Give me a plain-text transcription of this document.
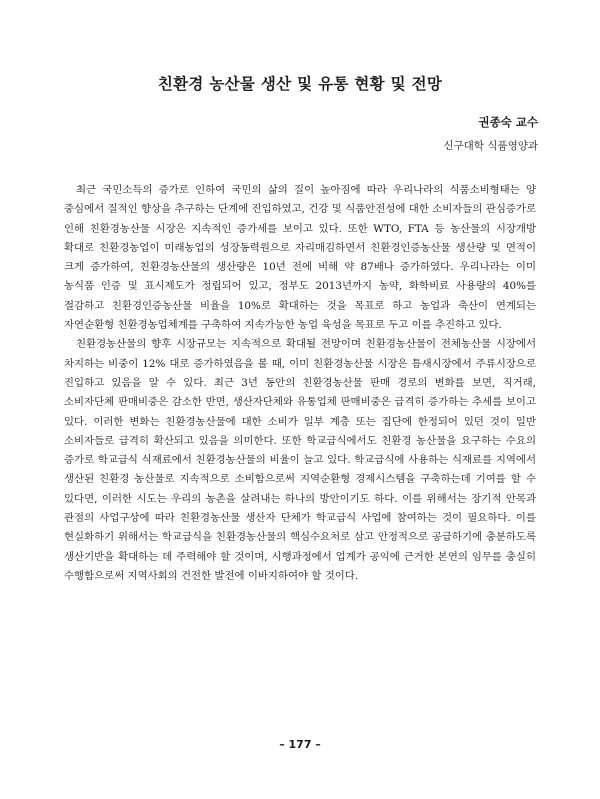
친환경 농산물 생산 및 유통 현황 및 전망
권종숙 교수
신구대학 식품영양과

최근 국민소득의 증가로 인하여 국민의 삶의 질이 높아짐에 따라 우리나라의 식품소비형태는 양 중심에서 질적인 향상을 추구하는 단계에 진입하였고, 건강 및 식품안전성에 대한 소비자들의 관심증가로 인해 친환경농산물 시장은 지속적인 증가세를 보이고 있다. 또한 WTO, FTA 등 농산물의 시장개방 확대로 친환경농업이 미래농업의 성장동력원으로 자리매김하면서 친환경인증농산물 생산량 및 면적이 크게 증가하여, 친환경농산물의 생산량은 10년 전에 비해 약 87배나 증가하였다. 우리나라는 이미 농식품 인증 및 표시제도가 정립되어 있고, 정부도 2013년까지 농약, 화학비료 사용량의 40%를 절감하고 친환경인증농산물 비율을 10%로 확대하는 것을 목표로 하고 농업과 축산이 연계되는 자연순환형 친환경농업체계를 구축하여 지속가능한 농업 육성을 목표로 두고 이를 추진하고 있다.

친환경농산물의 향후 시장규모는 지속적으로 확대될 전망이며 친환경농산물이 전체농산물 시장에서 차지하는 비중이 12% 대로 증가하였음을 볼 때, 이미 친환경농산물 시장은 틈새시장에서 주류시장으로 진입하고 있음을 알 수 있다. 최근 3년 동안의 친환경농산물 판매 경로의 변화를 보면, 직거래, 소비자단체 판매비중은 감소한 반면, 생산자단체와 유통업체 판매비중은 급격히 증가하는 추세를 보이고 있다. 이러한 변화는 친환경농산물에 대한 소비가 일부 계층 또는 집단에 한정되어 있던 것이 일반 소비자들로 급격히 확산되고 있음을 의미한다. 또한 학교급식에서도 친환경 농산물을 요구하는 수요의 증가로 학교급식 식재료에서 친환경농산물의 비율이 늘고 있다. 학교급식에 사용하는 식재료를 지역에서 생산된 친환경 농산물로 지속적으로 소비함으로써 지역순환형 경제시스템을 구축하는데 기여를 할 수 있다면, 이러한 시도는 우리의 농촌을 살려내는 하나의 방안이기도 하다. 이를 위해서는 장기적 안목과 관점의 사업구상에 따라 친환경농산물 생산자 단체가 학교급식 사업에 참여하는 것이 필요하다. 이를 현실화하기 위해서는 학교급식을 친환경농산물의 핵심수요처로 삼고 안정적으로 공급하기에 충분하도록 생산기반을 확대하는 데 주력해야 할 것이며, 시행과정에서 업계가 공익에 근거한 본연의 임무를 충실히 수행함으로써 지역사회의 건전한 발전에 이바지하여야 할 것이다.

– 177 –
